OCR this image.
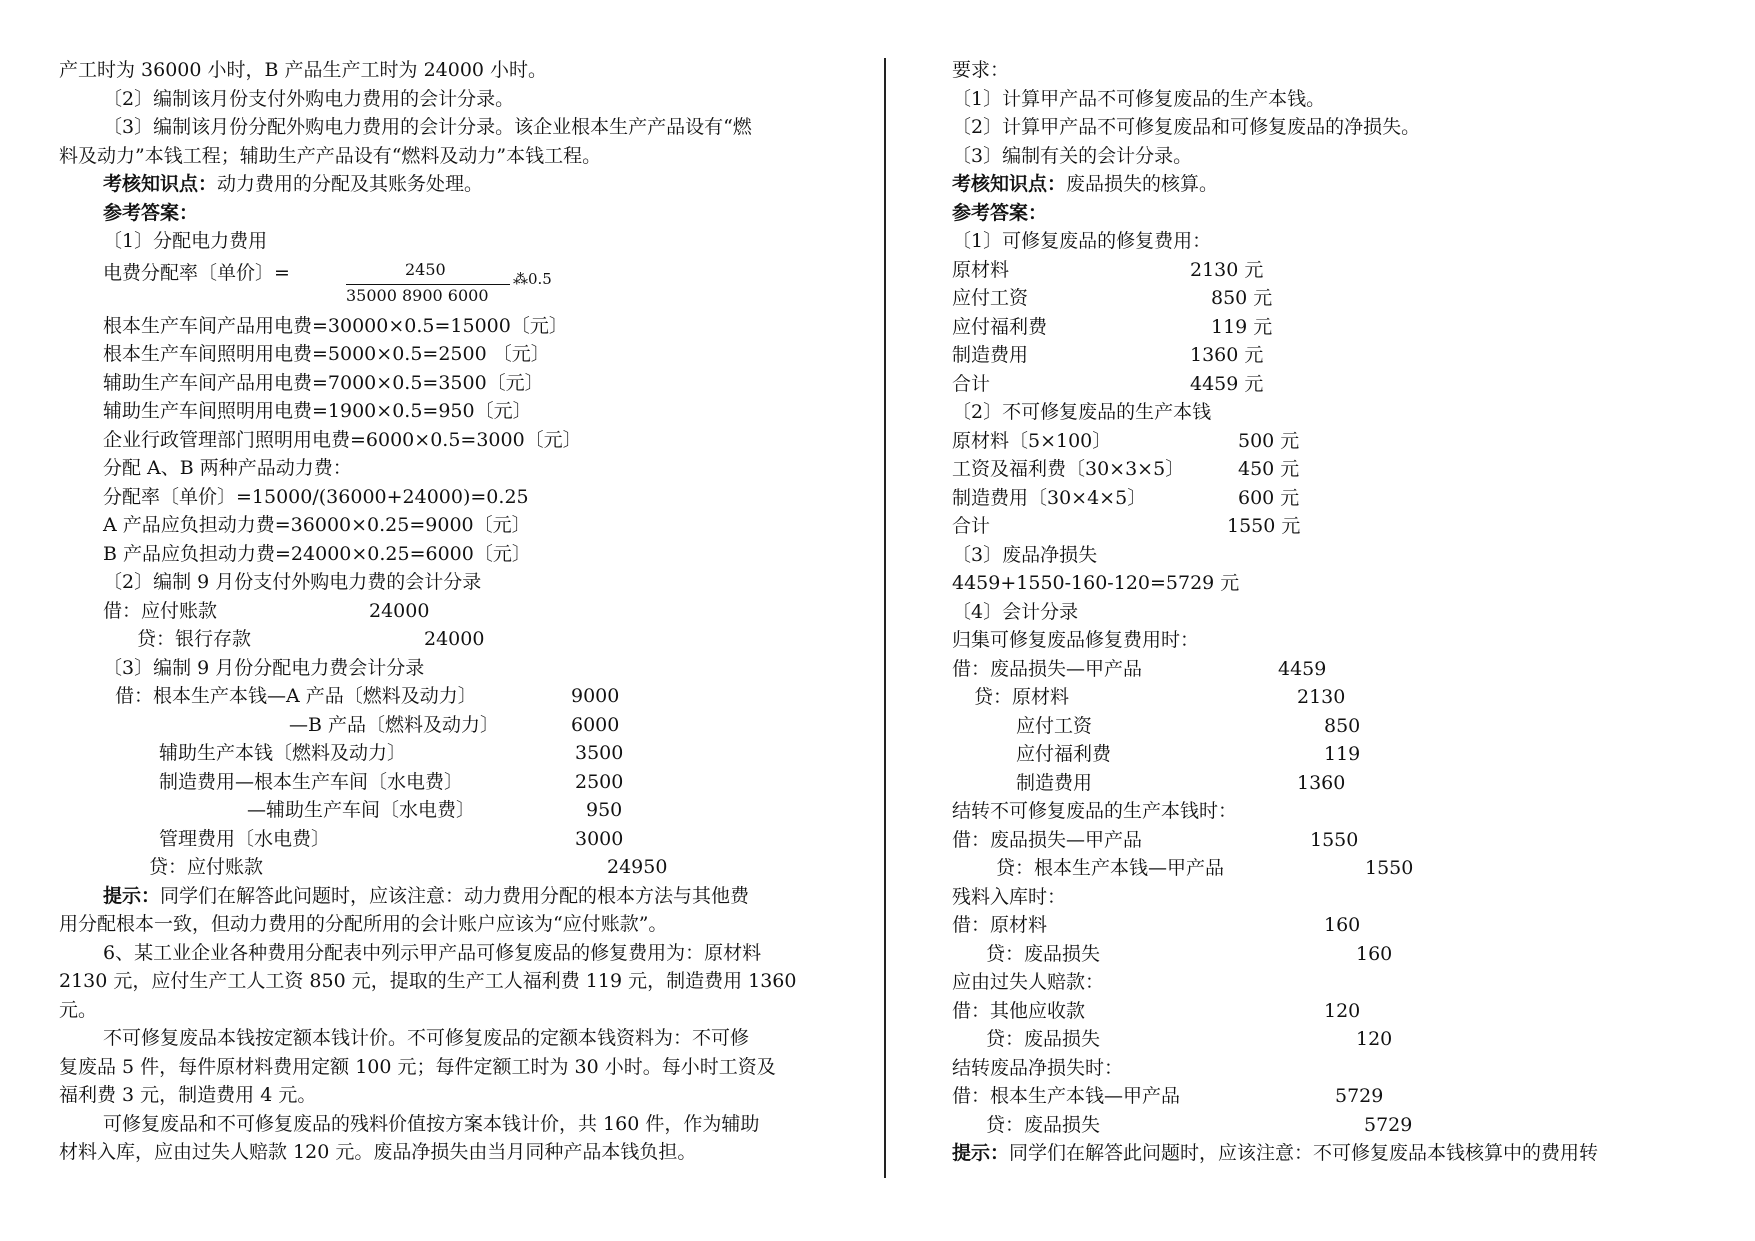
产工时为 36000 小时，B 产品生产工时为 24000 小时。
〔2〕编制该月份支付外购电力费用的会计分录。
〔3〕编制该月份分配外购电力费用的会计分录。该企业根本生产产品设有“燃
料及动力”本钱工程；辅助生产产品设有“燃料及动力”本钱工程。
考核知识点：动力费用的分配及其账务处理。
参考答案：
〔1〕分配电力费用
电费分配率〔单价〕=	2450
35000 8900 6000
⁂0.5
根本生产车间产品用电费=30000×0.5=15000〔元〕
根本生产车间照明用电费=5000×0.5=2500 〔元〕
辅助生产车间产品用电费=7000×0.5=3500〔元〕
辅助生产车间照明用电费=1900×0.5=950〔元〕
企业行政管理部门照明用电费=6000×0.5=3000〔元〕
分配 A、B 两种产品动力费：
分配率〔单价〕=15000/(36000+24000)=0.25
A 产品应负担动力费=36000×0.25=9000〔元〕
B 产品应负担动力费=24000×0.25=6000〔元〕
〔2〕编制 9 月份支付外购电力费的会计分录
借：应付账款	24000
贷：银行存款	24000
〔3〕编制 9 月份分配电力费会计分录
借：根本生产本钱—A 产品〔燃料及动力〕	9000
—B 产品〔燃料及动力〕	6000
辅助生产本钱〔燃料及动力〕	3500
制造费用—根本生产车间〔水电费〕	2500
—辅助生产车间〔水电费〕	950
管理费用〔水电费〕	3000
贷：应付账款	24950
提示：同学们在解答此问题时，应该注意：动力费用分配的根本方法与其他费
用分配根本一致，但动力费用的分配所用的会计账户应该为“应付账款”。
6、某工业企业各种费用分配表中列示甲产品可修复废品的修复费用为：原材料
2130 元，应付生产工人工资 850 元，提取的生产工人福利费 119 元，制造费用 1360
元。
不可修复废品本钱按定额本钱计价。不可修复废品的定额本钱资料为：不可修
复废品 5 件，每件原材料费用定额 100 元；每件定额工时为 30 小时。每小时工资及
福利费 3 元，制造费用 4 元。
可修复废品和不可修复废品的残料价值按方案本钱计价，共 160 件，作为辅助
材料入库，应由过失人赔款 120 元。废品净损失由当月同种产品本钱负担。
要求：
〔1〕计算甲产品不可修复废品的生产本钱。
〔2〕计算甲产品不可修复废品和可修复废品的净损失。
〔3〕编制有关的会计分录。
考核知识点：废品损失的核算。
参考答案：
〔1〕可修复废品的修复费用：
原材料	2130 元
应付工资	850 元
应付福利费	119 元
制造费用	1360 元
合计	4459 元
〔2〕不可修复废品的生产本钱
原材料〔5×100〕	500 元
工资及福利费〔30×3×5〕	450 元
制造费用〔30×4×5〕	600 元
合计	1550 元
〔3〕废品净损失
4459+1550-160-120=5729 元
〔4〕会计分录
归集可修复废品修复费用时：
借：废品损失—甲产品	4459
贷：原材料	2130
应付工资	850
应付福利费	119
制造费用	1360
结转不可修复废品的生产本钱时：
借：废品损失—甲产品	1550
贷：根本生产本钱—甲产品	1550
残料入库时：
借：原材料	160
贷：废品损失	160
应由过失人赔款：
借：其他应收款	120
贷：废品损失	120
结转废品净损失时：
借：根本生产本钱—甲产品	5729
贷：废品损失	5729
提示：同学们在解答此问题时，应该注意：不可修复废品本钱核算中的费用转
